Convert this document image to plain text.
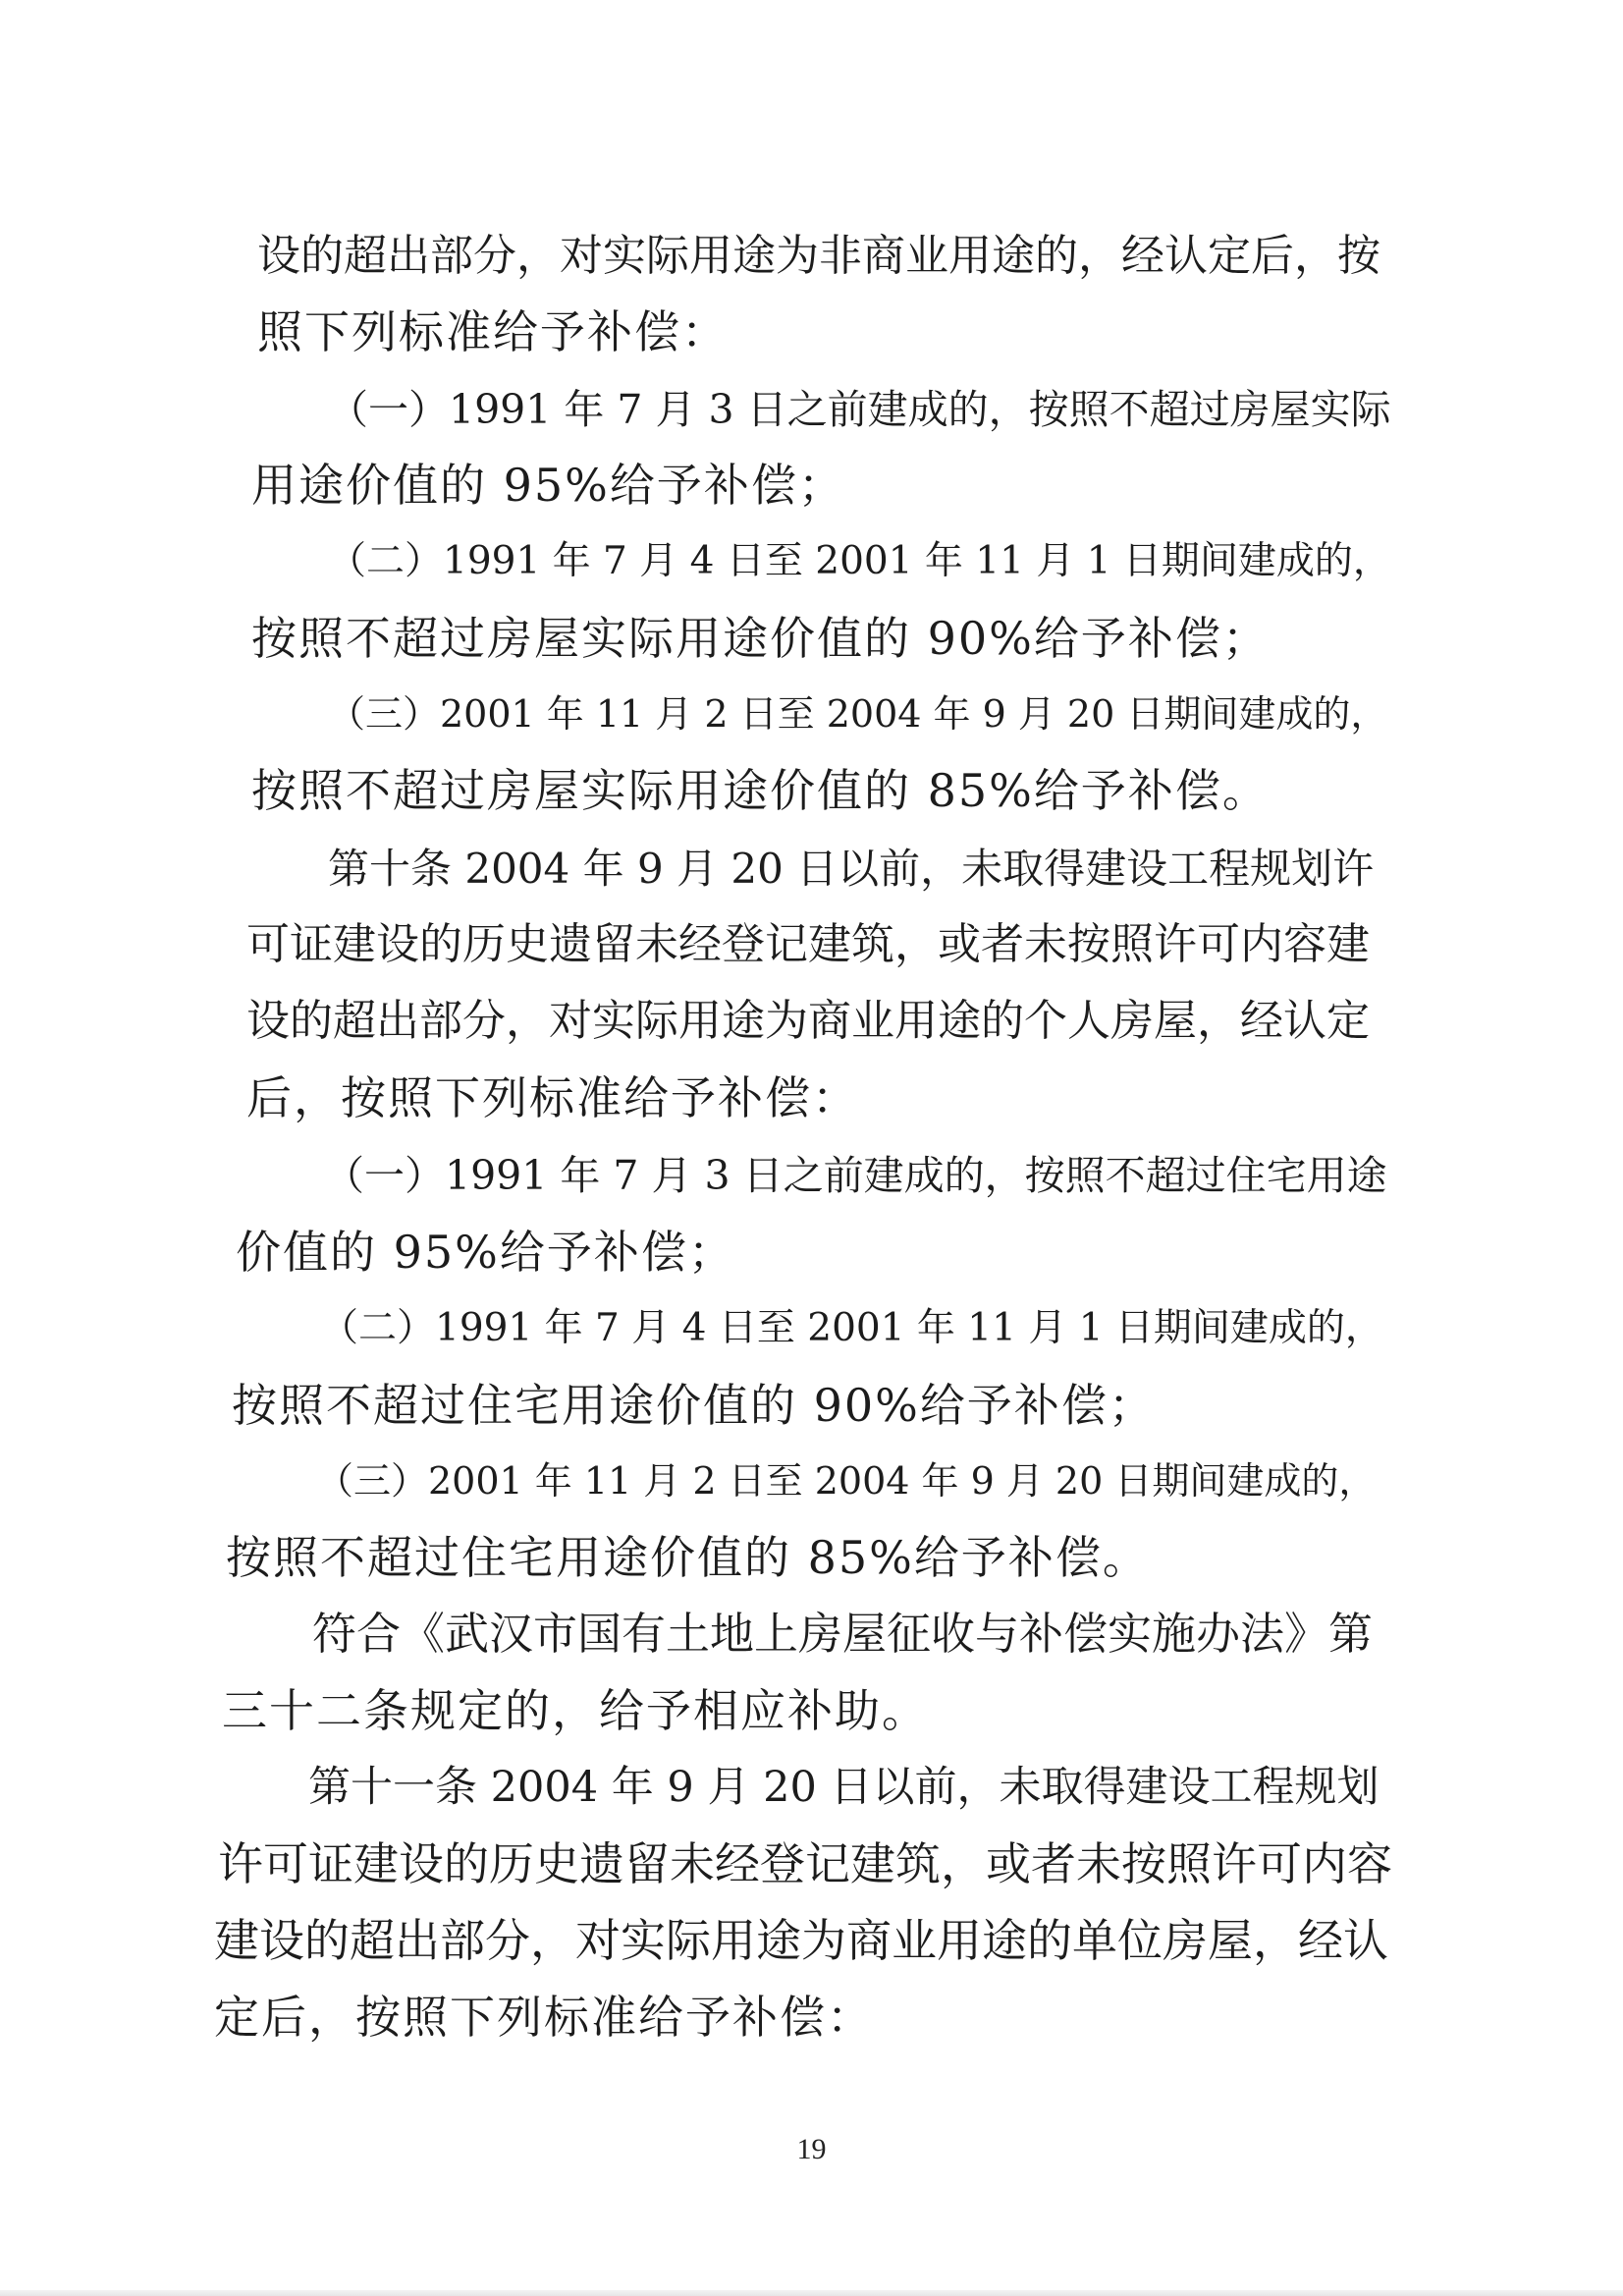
设的超出部分，对实际用途为非商业用途的，经认定后，按
照下列标准给予补偿：
（一）1991 年 7 月 3 日之前建成的，按照不超过房屋实际
用途价值的 95%给予补偿；
（二）1991 年 7 月 4 日至 2001 年 11 月 1 日期间建成的，
按照不超过房屋实际用途价值的 90%给予补偿；
（三）2001 年 11 月 2 日至 2004 年 9 月 20 日期间建成的，
按照不超过房屋实际用途价值的 85%给予补偿。
第十条 2004 年 9 月 20 日以前，未取得建设工程规划许
可证建设的历史遗留未经登记建筑，或者未按照许可内容建
设的超出部分，对实际用途为商业用途的个人房屋，经认定
后，按照下列标准给予补偿：
（一）1991 年 7 月 3 日之前建成的，按照不超过住宅用途
价值的 95%给予补偿；
（二）1991 年 7 月 4 日至 2001 年 11 月 1 日期间建成的，
按照不超过住宅用途价值的 90%给予补偿；
（三）2001 年 11 月 2 日至 2004 年 9 月 20 日期间建成的，
按照不超过住宅用途价值的 85%给予补偿。
符合《武汉市国有土地上房屋征收与补偿实施办法》第
三十二条规定的，给予相应补助。
第十一条 2004 年 9 月 20 日以前，未取得建设工程规划
许可证建设的历史遗留未经登记建筑，或者未按照许可内容
建设的超出部分，对实际用途为商业用途的单位房屋，经认
定后，按照下列标准给予补偿：
19
